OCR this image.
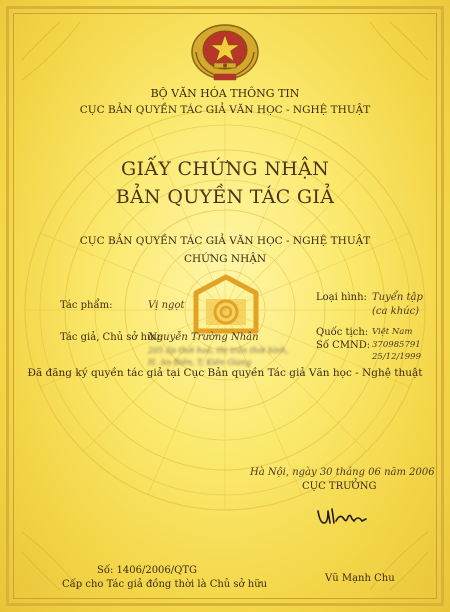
BỘ VĂN HÓA THÔNG TIN
CỤC BẢN QUYỀN TÁC GIẢ VĂN HỌC - NGHỆ THUẬT
GIẤY CHỨNG NHẬN
BẢN QUYỀN TÁC GIẢ
CỤC BẢN QUYỀN TÁC GIẢ VĂN HỌC - NGHỆ THUẬT
CHỨNG NHẬN
Tác phẩm:	Vị ngọt
Loại hình: Tuyển tập
(ca khúc)
Tác giả, Chủ sở hữu:
Nguyễn Trường Nhân
205 ấp thới hoà, thị trấn thới bình,
H. An Biên, T. Kiên Giang
Quốc tịch: Việt Nam
Số CMND: 370985791
25/12/1999
Đã đăng ký quyền tác giả tại Cục Bản quyền Tác giả Văn học - Nghệ thuật
Hà Nội, ngày 30 tháng 06 năm 2006
CỤC TRƯỞNG
Vũ Mạnh Chu
Số: 1406/2006/QTG
Cấp cho Tác giả đồng thời là Chủ sở hữu
